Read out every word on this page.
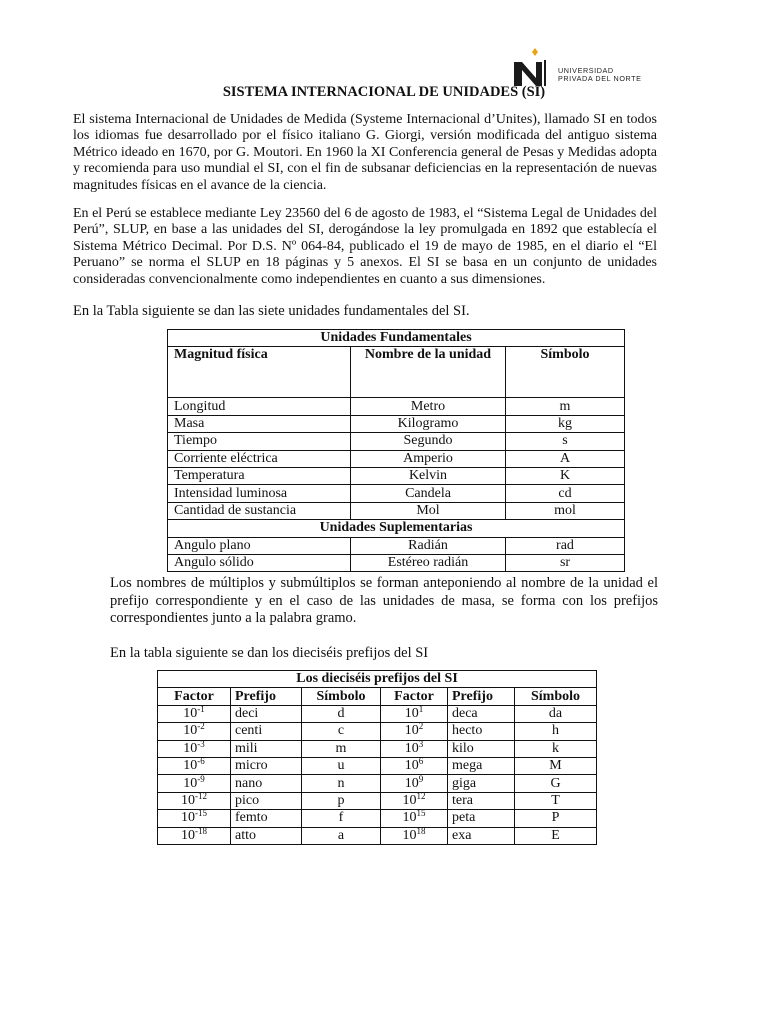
UNIVERSIDAD
PRIVADA DEL NORTE
SISTEMA INTERNACIONAL DE UNIDADES (SI)
El sistema Internacional de Unidades de Medida (Systeme Internacional d’Unites), llamado SI en todos los idiomas fue desarrollado por el físico italiano G. Giorgi, versión modificada del antiguo sistema Métrico ideado en 1670, por G. Moutori. En 1960 la XI Conferencia general de Pesas y Medidas adopta y recomienda para uso mundial el SI, con el fin de subsanar deficiencias en la representación de nuevas magnitudes físicas en el avance de la ciencia.
En el Perú se establece mediante Ley 23560 del 6 de agosto de 1983, el “Sistema Legal de Unidades del Perú”, SLUP, en base a las unidades del SI, derogándose la ley promulgada en 1892 que establecía el Sistema Métrico Decimal. Por D.S. Nº 064-84, publicado el 19 de mayo de 1985, en el diario el “El Peruano” se norma el SLUP en 18 páginas y 5 anexos. El SI se basa en un conjunto de unidades consideradas convencionalmente como independientes en cuanto a sus dimensiones.
En la Tabla siguiente se dan las siete unidades fundamentales del SI.
Unidades Fundamentales		
Magnitud física	Nombre de la unidad	Símbolo
Longitud	Metro	m
Masa	Kilogramo	kg
Tiempo	Segundo	s
Corriente eléctrica	Amperio	A
Temperatura	Kelvin	K
Intensidad luminosa	Candela	cd
Cantidad de sustancia	Mol	mol
Unidades Suplementarias		
Angulo plano	Radián	rad
Angulo sólido	Estéreo radián	sr
Los nombres de múltiplos y submúltiplos se forman anteponiendo al nombre de la unidad el prefijo correspondiente y en el caso de las unidades de masa, se forma con los prefijos correspondientes junto a la palabra gramo.
En la tabla siguiente se dan los dieciséis prefijos del SI
Los dieciséis prefijos del SI					
Factor	Prefijo	Símbolo	Factor	Prefijo	Símbolo
$10^{-1}$	deci	d	$10^1$	deca	da
$10^{-2}$	centi	c	$10^2$	hecto	h
$10^{-3}$	mili	m	$10^3$	kilo	k
$10^{-6}$	micro	u	$10^6$	mega	M
$10^{-9}$	nano	n	$10^9$	giga	G
$10^{-12}$	pico	p	$10^{12}$	tera	T
$10^{-15}$	femto	f	$10^{15}$	peta	P
$10^{-18}$	atto	a	$10^{18}$	exa	E
